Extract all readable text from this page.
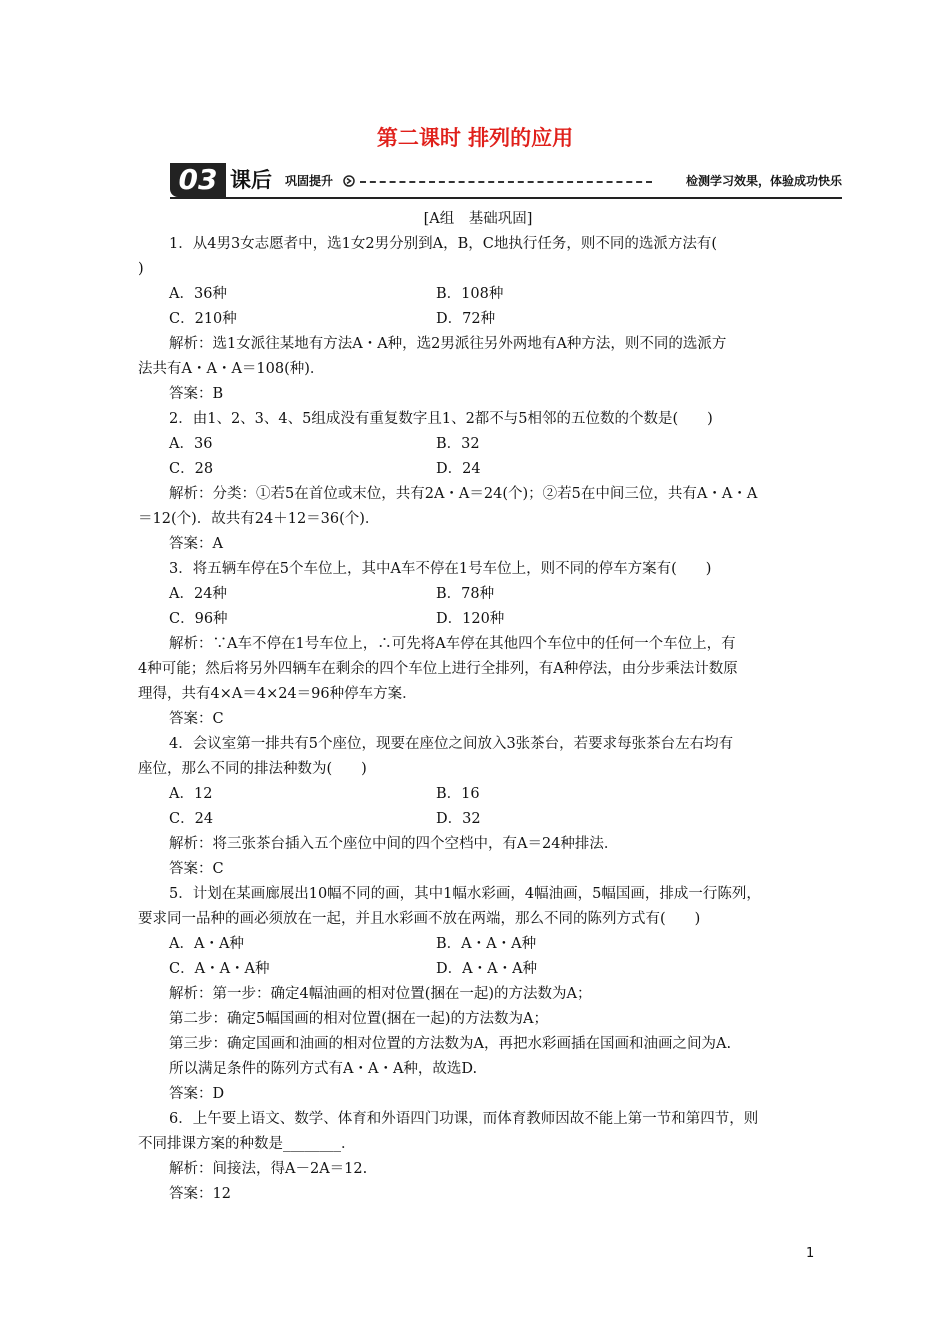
第二课时 排列的应用
03 课后 巩固提升	检测学习效果，体验成功快乐
[A组　基础巩固]
1．从4男3女志愿者中，选1女2男分别到A，B，C地执行任务，则不同的选派方法有(
)
A．36种	B．108种
C．210种	D．72种
解析：选1女派往某地有方法A・A种，选2男派往另外两地有A种方法，则不同的选派方
法共有A・A・A＝108(种)．
答案：B
2．由1、2、3、4、5组成没有重复数字且1、2都不与5相邻的五位数的个数是(　　)
A．36	B．32
C．28	D．24
解析：分类：①若5在首位或末位，共有2A・A＝24(个)；②若5在中间三位，共有A・A・A
＝12(个)．故共有24＋12＝36(个)．
答案：A
3．将五辆车停在5个车位上，其中A车不停在1号车位上，则不同的停车方案有(　　)
A．24种	B．78种
C．96种	D．120种
解析：∵A车不停在1号车位上，∴可先将A车停在其他四个车位中的任何一个车位上，有
4种可能；然后将另外四辆车在剩余的四个车位上进行全排列，有A种停法，由分步乘法计数原
理得，共有4×A＝4×24＝96种停车方案．
答案：C
4．会议室第一排共有5个座位，现要在座位之间放入3张茶台，若要求每张茶台左右均有
座位，那么不同的排法种数为(　　)
A．12	B．16
C．24	D．32
解析：将三张茶台插入五个座位中间的四个空档中，有A＝24种排法．
答案：C
5．计划在某画廊展出10幅不同的画，其中1幅水彩画，4幅油画，5幅国画，排成一行陈列，
要求同一品种的画必须放在一起，并且水彩画不放在两端，那么不同的陈列方式有(　　)
A．A・A种	B．A・A・A种
C．A・A・A种	D．A・A・A种
解析：第一步：确定4幅油画的相对位置(捆在一起)的方法数为A；
第二步：确定5幅国画的相对位置(捆在一起)的方法数为A；
第三步：确定国画和油画的相对位置的方法数为A，再把水彩画插在国画和油画之间为A.
所以满足条件的陈列方式有A・A・A种，故选D.
答案：D
6．上午要上语文、数学、体育和外语四门功课，而体育教师因故不能上第一节和第四节，则
不同排课方案的种数是________．
解析：间接法，得A－2A＝12.
答案：12
1
